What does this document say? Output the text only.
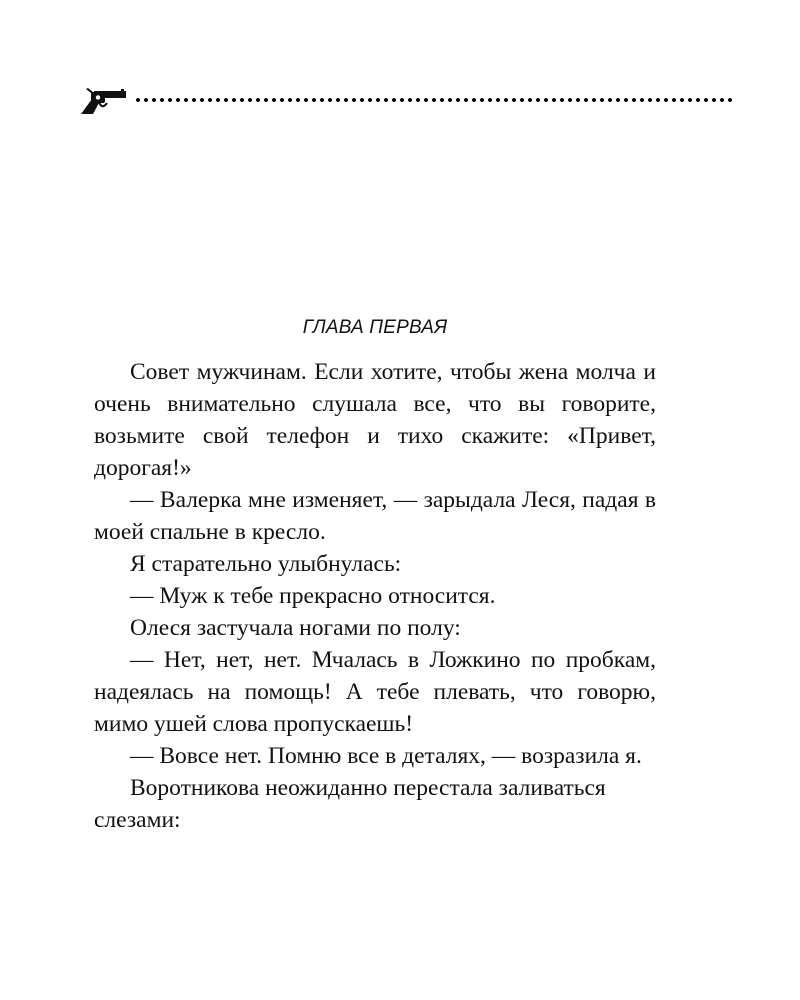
ГЛАВА ПЕРВАЯ

Совет мужчинам. Если хотите, чтобы жена молча и очень внимательно слушала все, что вы говорите, возьмите свой телефон и тихо скажите: «Привет, дорогая!»

— Валерка мне изменяет, — зарыдала Леся, падая в моей спальне в кресло.

Я старательно улыбнулась:

— Муж к тебе прекрасно относится.

Олеся застучала ногами по полу:

— Нет, нет, нет. Мчалась в Ложкино по пробкам, надеялась на помощь! А тебе плевать, что говорю, мимо ушей слова пропускаешь!

— Вовсе нет. Помню все в деталях, — возразила я.

Воротникова неожиданно перестала заливаться слезами:
